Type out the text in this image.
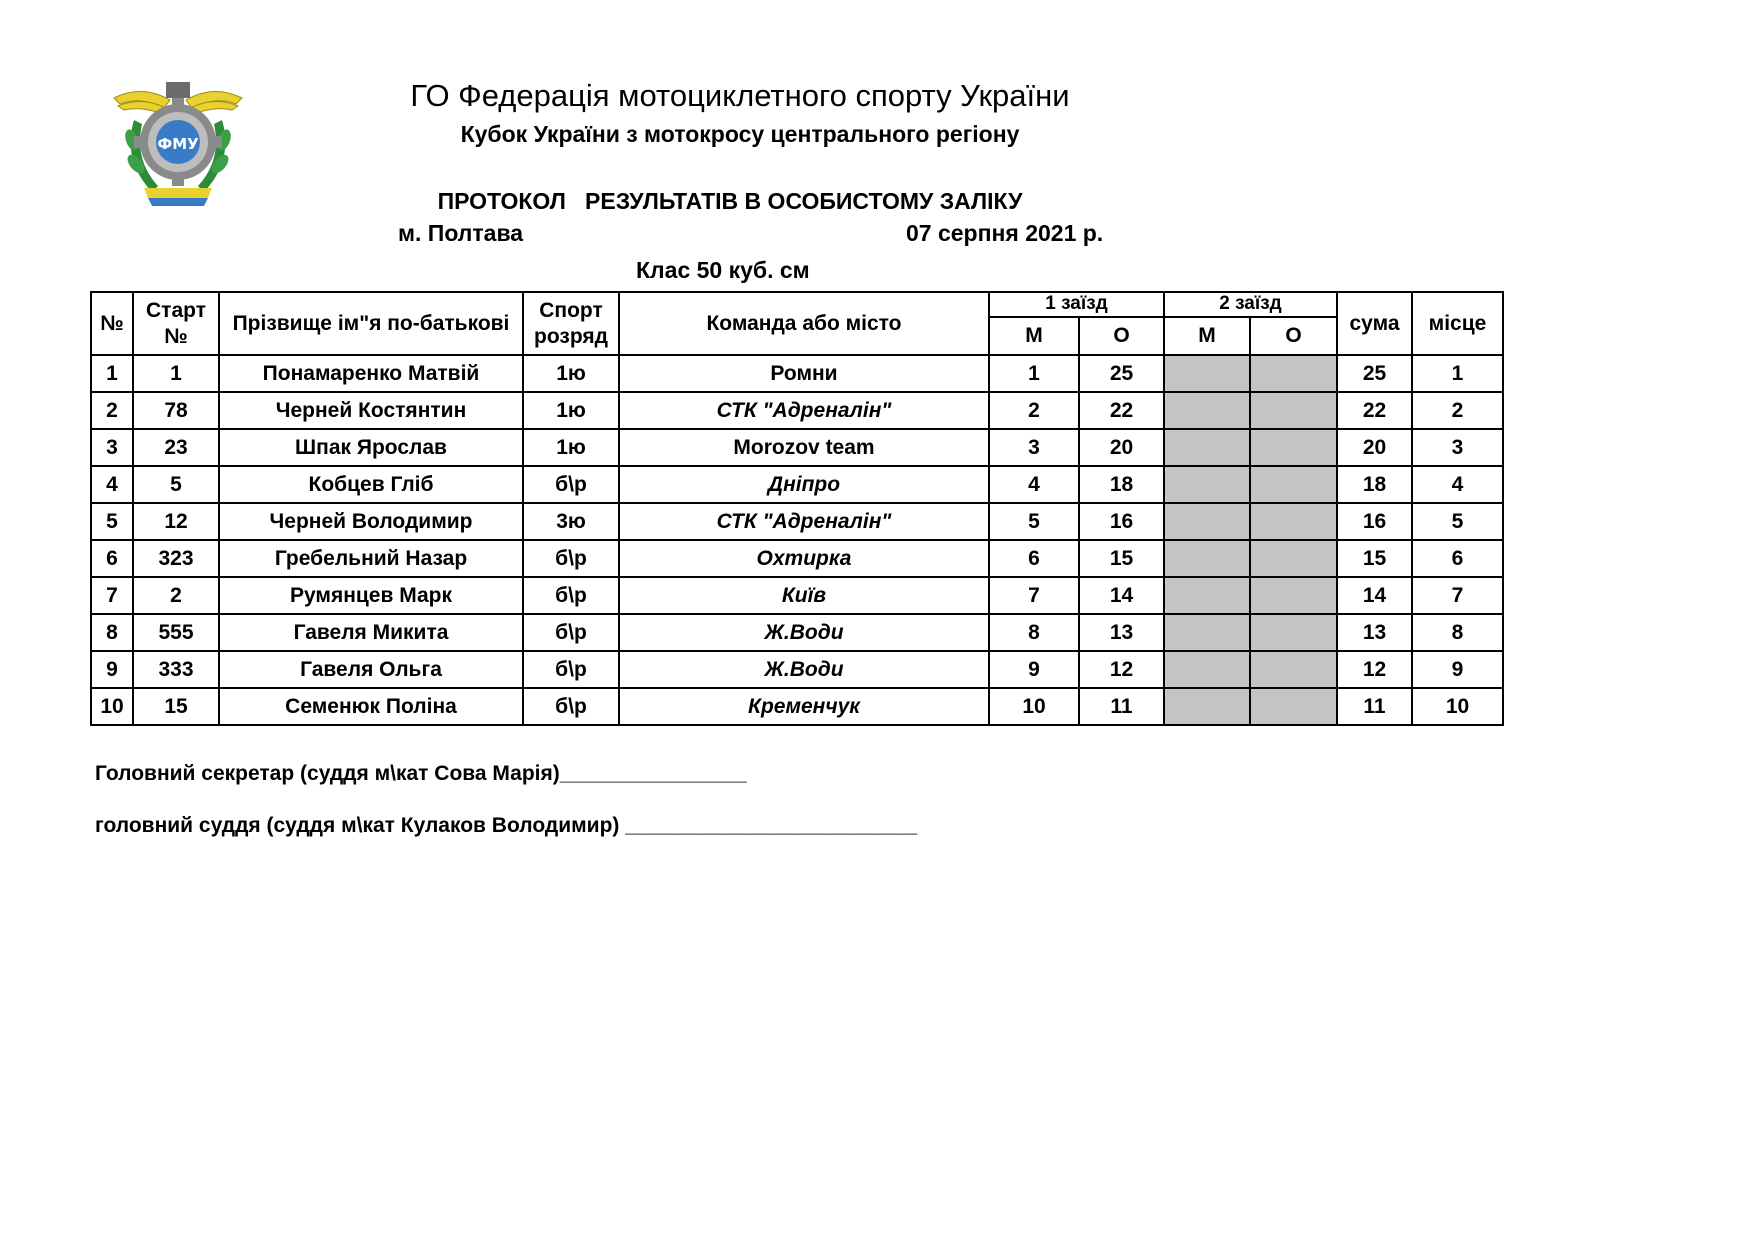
ФМУ
ГО Федерація мотоциклетного спорту України
Кубок України з мотокросу центрального регіону
ПРОТОКОЛ   РЕЗУЛЬТАТІВ В ОСОБИСТОМУ ЗАЛІКУ
м. Полтава	07 серпня 2021 р.
Клас 50 куб. см
№	Старт №	Прізвище ім"я по-батькові	Спорт розряд	Команда або місто	1 заїзд		2 заїзд		сума	місце
					М	О	М	О		
1	1	Понамаренко Матвій	1ю	Ромни	1	25			25	1
2	78	Черней Костянтин	1ю	СТК "Адреналін"	2	22			22	2
3	23	Шпак Ярослав	1ю	Morozov team	3	20			20	3
4	5	Кобцев Гліб	б\р	Дніпро	4	18			18	4
5	12	Черней Володимир	3ю	СТК "Адреналін"	5	16			16	5
6	323	Гребельний Назар	б\р	Охтирка	6	15			15	6
7	2	Румянцев Марк	б\р	Київ	7	14			14	7
8	555	Гавеля Микита	б\р	Ж.Води	8	13			13	8
9	333	Гавеля Ольга	б\р	Ж.Води	9	12			12	9
10	15	Семенюк Поліна	б\р	Кременчук	10	11			11	10
Головний секретар (суддя м\кат Сова Марія)________________
головний суддя (суддя м\кат Кулаков Володимир) _________________________
